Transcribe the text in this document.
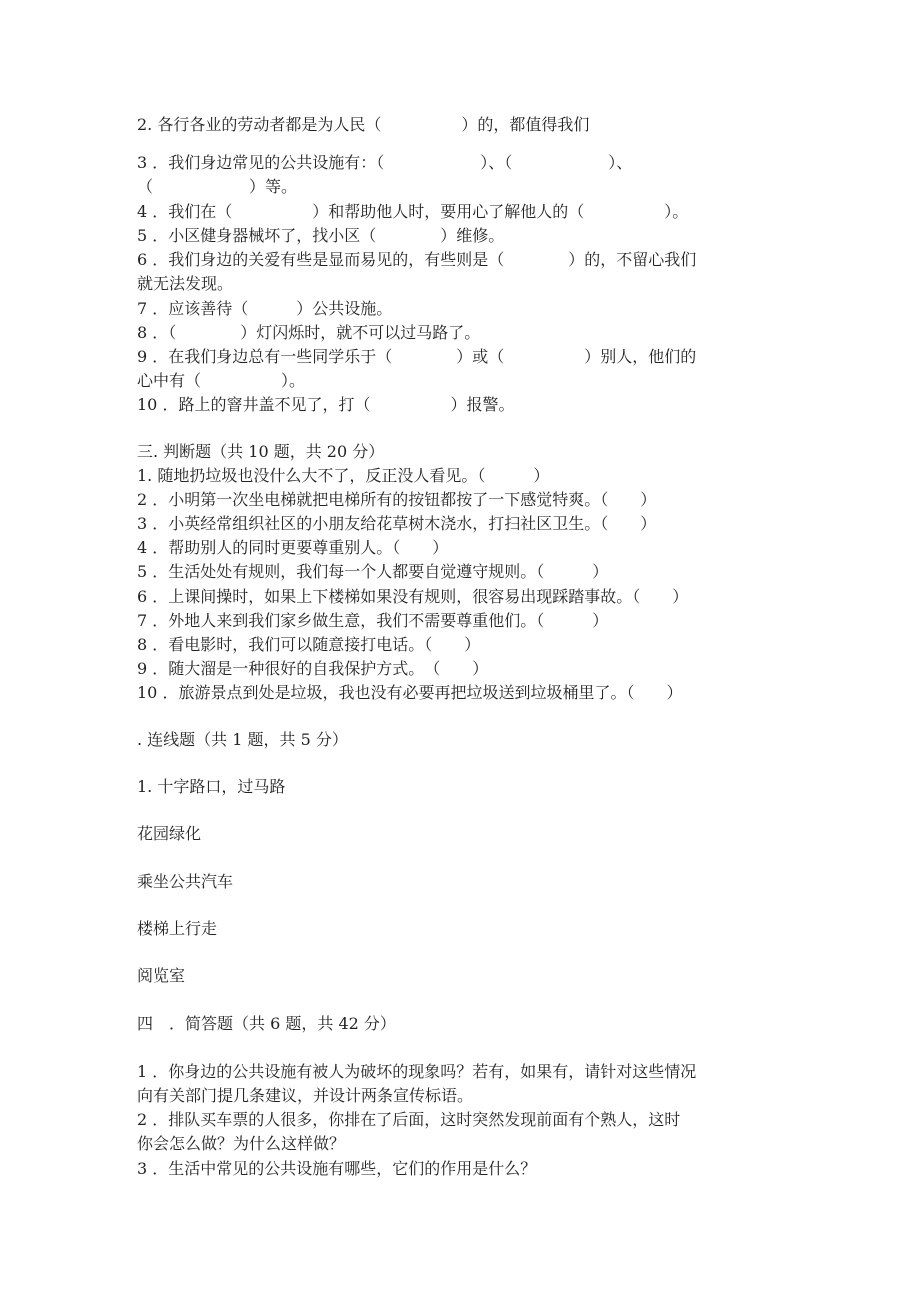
2. 各行各业的劳动者都是为人民（　　　　　）的，都值得我们
3 ．我们身边常见的公共设施有：（　　　　　　）、（　　　　　　）、
（　　　　　　）等。
4 ．我们在（　　　　　）和帮助他人时，要用心了解他人的（　　　　　）。
5 ．小区健身器械坏了，找小区（　　　　）维修。
6 ．我们身边的关爱有些是显而易见的，有些则是（　　　　）的，不留心我们
就无法发现。
7 ．应该善待（　　　）公共设施。
8 ．（　　　　）灯闪烁时，就不可以过马路了。
9 ．在我们身边总有一些同学乐于（　　　　）或（　　　　　）别人，他们的
心中有（　　　　　）。
10 ．路上的窨井盖不见了，打（　　　　　）报警。
三. 判断题（共 10 题，共 20 分）
1. 随地扔垃圾也没什么大不了，反正没人看见。（　　　）
2 ．小明第一次坐电梯就把电梯所有的按钮都按了一下感觉特爽。（　　）
3 ．小英经常组织社区的小朋友给花草树木浇水，打扫社区卫生。（　　）
4 ．帮助别人的同时更要尊重别人。（　　）
5 ．生活处处有规则，我们每一个人都要自觉遵守规则。（　　　）
6 ．上课间操时，如果上下楼梯如果没有规则，很容易出现踩踏事故。（　　）
7 ．外地人来到我们家乡做生意，我们不需要尊重他们。（　　　）
8 ．看电影时，我们可以随意接打电话。（　　）
9 ．随大溜是一种很好的自我保护方式。　（　　）
10 ．旅游景点到处是垃圾，我也没有必要再把垃圾送到垃圾桶里了。（　　）
. 连线题（共 1 题，共 5 分）
1. 十字路口，过马路
花园绿化
乘坐公共汽车
楼梯上行走
阅览室
四　．简答题（共 6 题，共 42 分）
1 ．你身边的公共设施有被人为破坏的现象吗？若有，如果有，请针对这些情况
向有关部门提几条建议，并设计两条宣传标语。
2 ．排队买车票的人很多，你排在了后面，这时突然发现前面有个熟人，这时
你会怎么做？为什么这样做？
3 ．生活中常见的公共设施有哪些，它们的作用是什么？
